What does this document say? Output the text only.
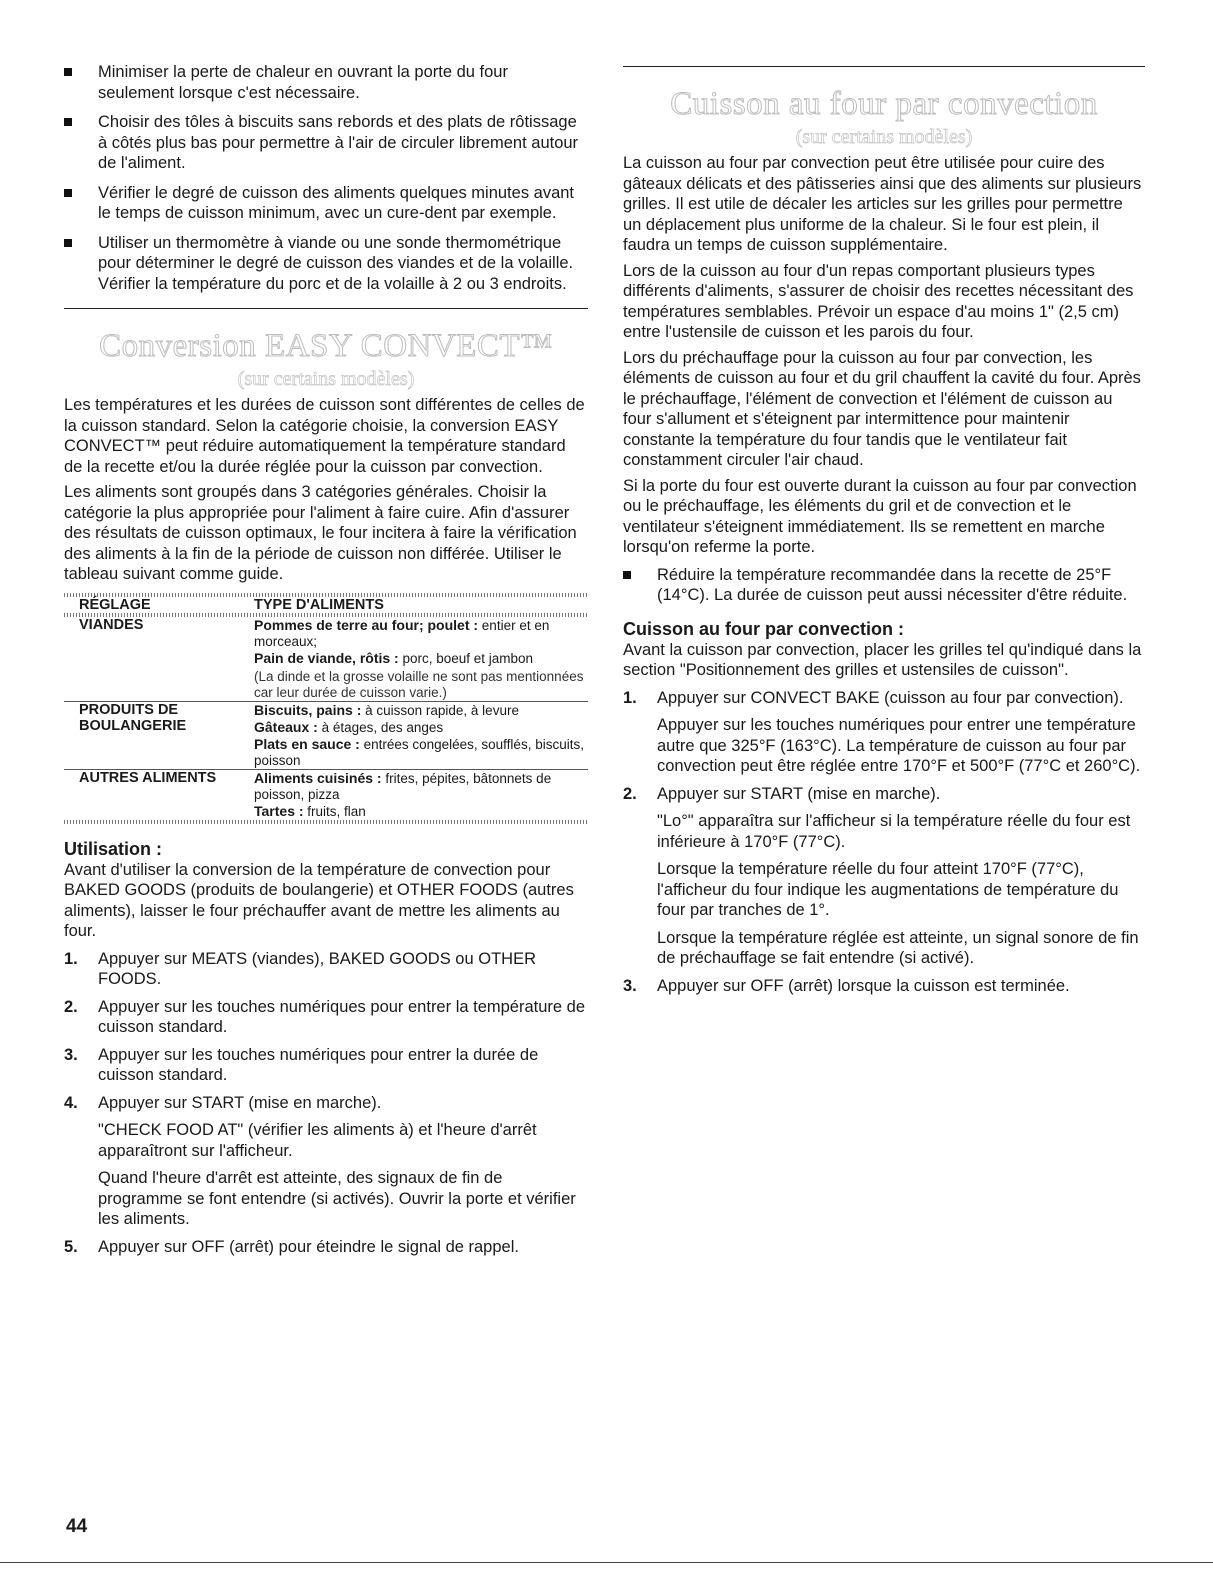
Minimiser la perte de chaleur en ouvrant la porte du four seulement lorsque c'est nécessaire.
Choisir des tôles à biscuits sans rebords et des plats de rôtissage à côtés plus bas pour permettre à l'air de circuler librement autour de l'aliment.
Vérifier le degré de cuisson des aliments quelques minutes avant le temps de cuisson minimum, avec un cure-dent par exemple.
Utiliser un thermomètre à viande ou une sonde thermométrique pour déterminer le degré de cuisson des viandes et de la volaille. Vérifier la température du porc et de la volaille à 2 ou 3 endroits.
Conversion EASY CONVECT™
(sur certains modèles)

Les températures et les durées de cuisson sont différentes de celles de la cuisson standard. Selon la catégorie choisie, la conversion EASY CONVECT™ peut réduire automatiquement la température standard de la recette et/ou la durée réglée pour la cuisson par convection.

Les aliments sont groupés dans 3 catégories générales. Choisir la catégorie la plus appropriée pour l'aliment à faire cuire. Afin d'assurer des résultats de cuisson optimaux, le four incitera à faire la vérification des aliments à la fin de la période de cuisson non différée. Utiliser le tableau suivant comme guide.

RÉGLAGE	TYPE D'ALIMENTS
VIANDES	Pommes de terre au four; poulet : entier et en morceaux;
Pain de viande, rôtis : porc, boeuf et jambon
(La dinde et la grosse volaille ne sont pas mentionnées car leur durée de cuisson varie.)

PRODUITS DE BOULANGERIE	Biscuits, pains : à cuisson rapide, à levure
Gâteaux : à étages, des anges
Plats en sauce : entrées congelées, soufflés, biscuits, poisson

AUTRES ALIMENTS	Aliments cuisinés : frites, pépites, bâtonnets de poisson, pizza
Tartes : fruits, flan

Utilisation :

Avant d'utiliser la conversion de la température de convection pour BAKED GOODS (produits de boulangerie) et OTHER FOODS (autres aliments), laisser le four préchauffer avant de mettre les aliments au four.

1. Appuyer sur MEATS (viandes), BAKED GOODS ou OTHER FOODS.
2. Appuyer sur les touches numériques pour entrer la température de cuisson standard.
3. Appuyer sur les touches numériques pour entrer la durée de cuisson standard.
4. Appuyer sur START (mise en marche).

"CHECK FOOD AT" (vérifier les aliments à) et l'heure d'arrêt apparaîtront sur l'afficheur.

Quand l'heure d'arrêt est atteinte, des signaux de fin de programme se font entendre (si activés). Ouvrir la porte et vérifier les aliments.

5. Appuyer sur OFF (arrêt) pour éteindre le signal de rappel.
Cuisson au four par convection
(sur certains modèles)

La cuisson au four par convection peut être utilisée pour cuire des gâteaux délicats et des pâtisseries ainsi que des aliments sur plusieurs grilles. Il est utile de décaler les articles sur les grilles pour permettre un déplacement plus uniforme de la chaleur. Si le four est plein, il faudra un temps de cuisson supplémentaire.

Lors de la cuisson au four d'un repas comportant plusieurs types différents d'aliments, s'assurer de choisir des recettes nécessitant des températures semblables. Prévoir un espace d'au moins 1" (2,5 cm) entre l'ustensile de cuisson et les parois du four.

Lors du préchauffage pour la cuisson au four par convection, les éléments de cuisson au four et du gril chauffent la cavité du four. Après le préchauffage, l'élément de convection et l'élément de cuisson au four s'allument et s'éteignent par intermittence pour maintenir constante la température du four tandis que le ventilateur fait constamment circuler l'air chaud.

Si la porte du four est ouverte durant la cuisson au four par convection ou le préchauffage, les éléments du gril et de convection et le ventilateur s'éteignent immédiatement. Ils se remettent en marche lorsqu'on referme la porte.

Réduire la température recommandée dans la recette de 25°F (14°C). La durée de cuisson peut aussi nécessiter d'être réduite.

Cuisson au four par convection :

Avant la cuisson par convection, placer les grilles tel qu'indiqué dans la section "Positionnement des grilles et ustensiles de cuisson".

1. Appuyer sur CONVECT BAKE (cuisson au four par convection).

Appuyer sur les touches numériques pour entrer une température autre que 325°F (163°C). La température de cuisson au four par convection peut être réglée entre 170°F et 500°F (77°C et 260°C).

2. Appuyer sur START (mise en marche).

"Lo°" apparaîtra sur l'afficheur si la température réelle du four est inférieure à 170°F (77°C).

Lorsque la température réelle du four atteint 170°F (77°C), l'afficheur du four indique les augmentations de température du four par tranches de 1°.

Lorsque la température réglée est atteinte, un signal sonore de fin de préchauffage se fait entendre (si activé).

3. Appuyer sur OFF (arrêt) lorsque la cuisson est terminée.
44
